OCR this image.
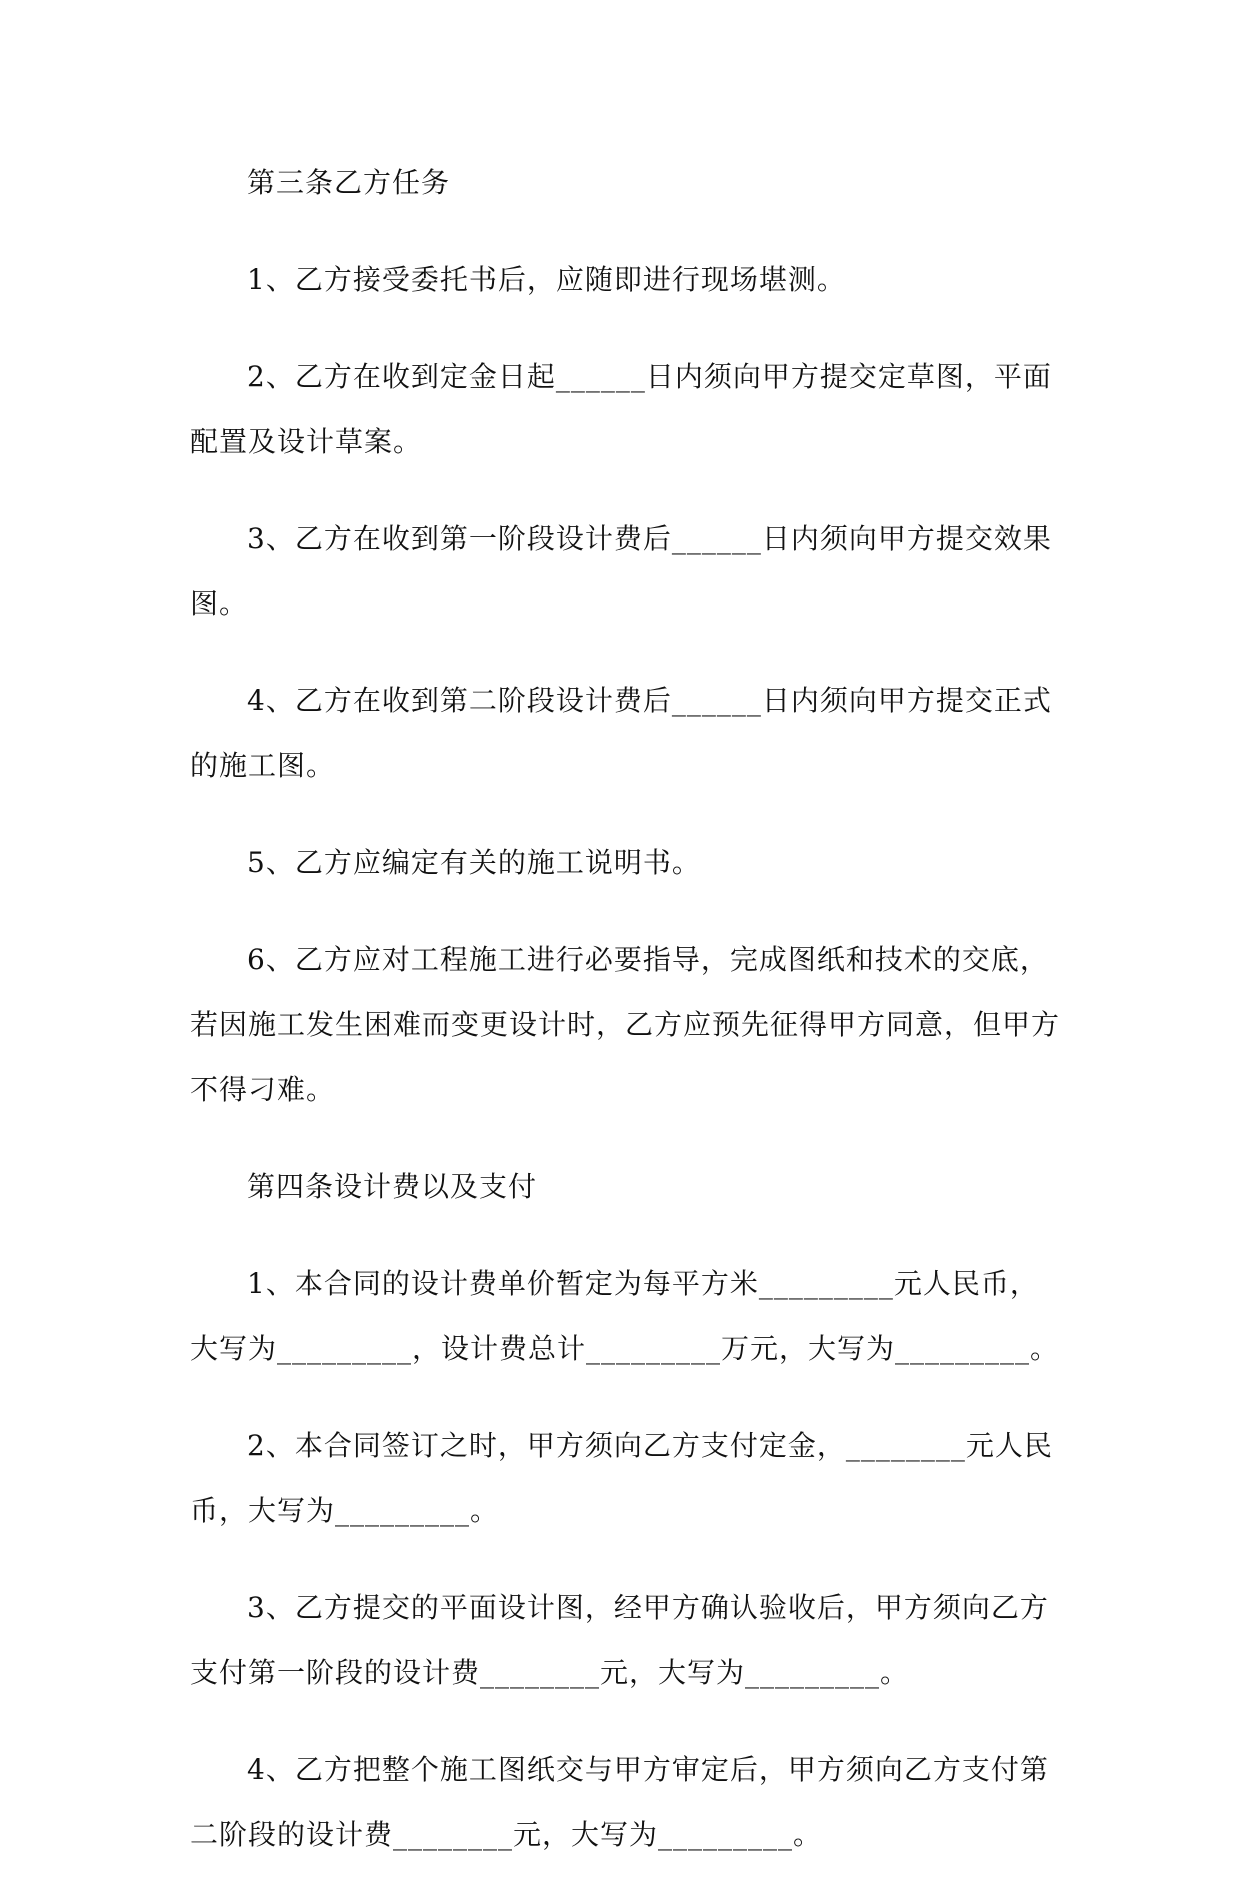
第三条乙方任务

1、乙方接受委托书后，应随即进行现场堪测。

2、乙方在收到定金日起______日内须向甲方提交定草图，平面配置及设计草案。

3、乙方在收到第一阶段设计费后______日内须向甲方提交效果图。

4、乙方在收到第二阶段设计费后______日内须向甲方提交正式的施工图。

5、乙方应编定有关的施工说明书。

6、乙方应对工程施工进行必要指导，完成图纸和技术的交底，若因施工发生困难而变更设计时，乙方应预先征得甲方同意，但甲方不得刁难。

第四条设计费以及支付

1、本合同的设计费单价暂定为每平方米_________元人民币，大写为_________，设计费总计_________万元，大写为_________。

2、本合同签订之时，甲方须向乙方支付定金，________元人民币，大写为_________。

3、乙方提交的平面设计图，经甲方确认验收后，甲方须向乙方支付第一阶段的设计费________元，大写为_________。

4、乙方把整个施工图纸交与甲方审定后，甲方须向乙方支付第二阶段的设计费________元，大写为_________。
